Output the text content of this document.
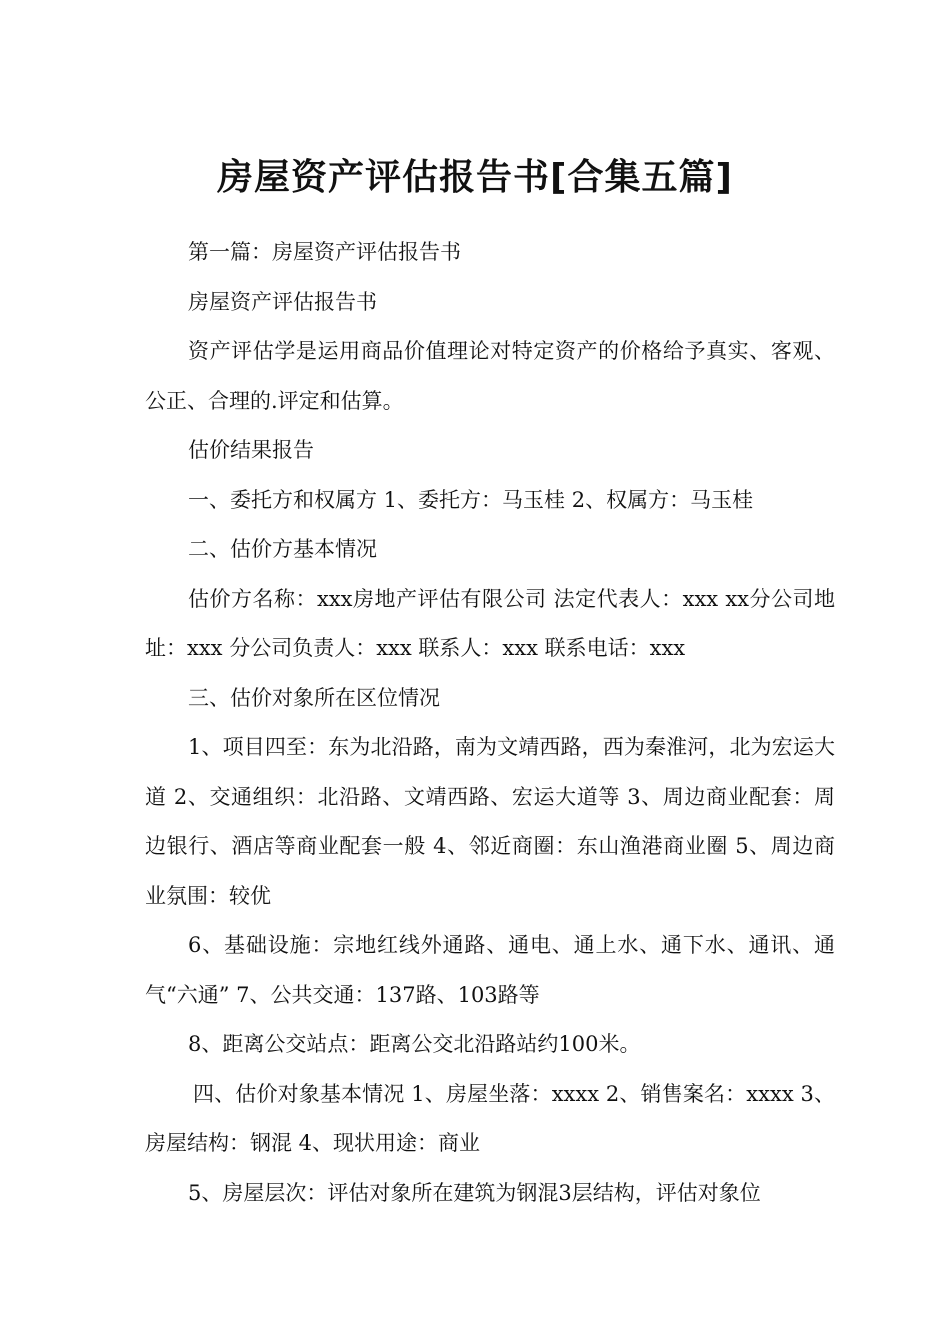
房屋资产评估报告书[合集五篇]

第一篇：房屋资产评估报告书

房屋资产评估报告书

资产评估学是运用商品价值理论对特定资产的价格给予真实、客观、公正、合理的.评定和估算。

估价结果报告

一、委托方和权属方 1、委托方：马玉桂 2、权属方：马玉桂

二、估价方基本情况

估价方名称：xxx房地产评估有限公司 法定代表人：xxx xx分公司地址：xxx 分公司负责人：xxx 联系人：xxx 联系电话：xxx

三、估价对象所在区位情况

1、项目四至：东为北沿路，南为文靖西路，西为秦淮河，北为宏运大道 2、交通组织：北沿路、文靖西路、宏运大道等 3、周边商业配套：周边银行、酒店等商业配套一般 4、邻近商圈：东山渔港商业圈 5、周边商业氛围：较优

6、基础设施：宗地红线外通路、通电、通上水、通下水、通讯、通气“六通” 7、公共交通：137路、103路等

8、距离公交站点：距离公交北沿路站约100米。

四、估价对象基本情况 1、房屋坐落：xxxx 2、销售案名：xxxx 3、房屋结构：钢混 4、现状用途：商业

5、房屋层次：评估对象所在建筑为钢混3层结构，评估对象位
